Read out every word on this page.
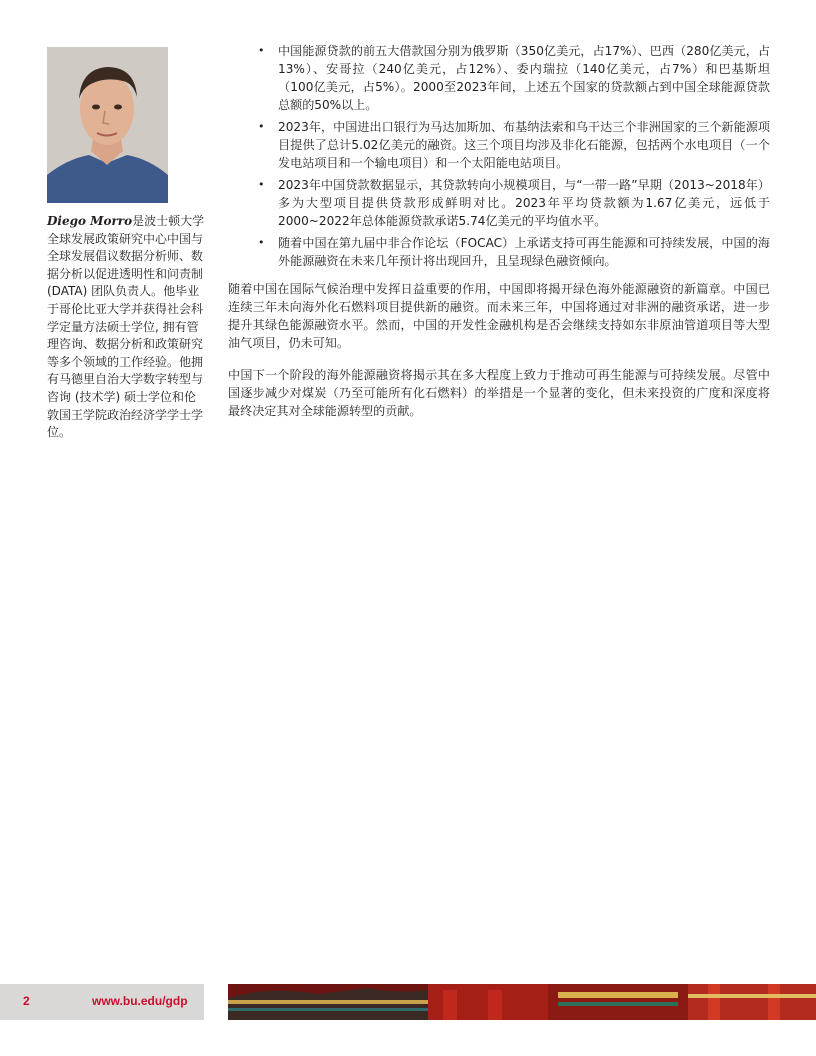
Diego Morro是波士顿大学全球发展政策研究中心中国与全球发展倡议数据分析师、数据分析以促进透明性和问责制 (DATA) 团队负责人。他毕业于哥伦比亚大学并获得社会科学定量方法硕士学位, 拥有管理咨询、数据分析和政策研究等多个领域的工作经验。他拥有马德里自治大学数字转型与咨询 (技术学) 硕士学位和伦敦国王学院政治经济学学士学位。
• 中国能源贷款的前五大借款国分别为俄罗斯（350亿美元，占17%）、巴西（280亿美元，占13%）、安哥拉（240亿美元，占12%）、委内瑞拉（140亿美元，占7%）和巴基斯坦（100亿美元，占5%）。2000至2023年间，上述五个国家的贷款额占到中国全球能源贷款总额的50%以上。
• 2023年，中国进出口银行为马达加斯加、布基纳法索和乌干达三个非洲国家的三个新能源项目提供了总计5.02亿美元的融资。这三个项目均涉及非化石能源，包括两个水电项目（一个发电站项目和一个输电项目）和一个太阳能电站项目。
• 2023年中国贷款数据显示，其贷款转向小规模项目，与“一带一路”早期（2013~2018年）多为大型项目提供贷款形成鲜明对比。2023年平均贷款额为1.67亿美元，远低于2000~2022年总体能源贷款承诺5.74亿美元的平均值水平。
• 随着中国在第九届中非合作论坛（FOCAC）上承诺支持可再生能源和可持续发展，中国的海外能源融资在未来几年预计将出现回升，且呈现绿色融资倾向。

随着中国在国际气候治理中发挥日益重要的作用，中国即将揭开绿色海外能源融资的新篇章。中国已连续三年未向海外化石燃料项目提供新的融资。而未来三年，中国将通过对非洲的融资承诺，进一步提升其绿色能源融资水平。然而，中国的开发性金融机构是否会继续支持如东非原油管道项目等大型油气项目，仍未可知。

中国下一个阶段的海外能源融资将揭示其在多大程度上致力于推动可再生能源与可持续发展。尽管中国逐步减少对煤炭（乃至可能所有化石燃料）的举措是一个显著的变化，但未来投资的广度和深度将最终决定其对全球能源转型的贡献。

2	www.bu.edu/gdp
